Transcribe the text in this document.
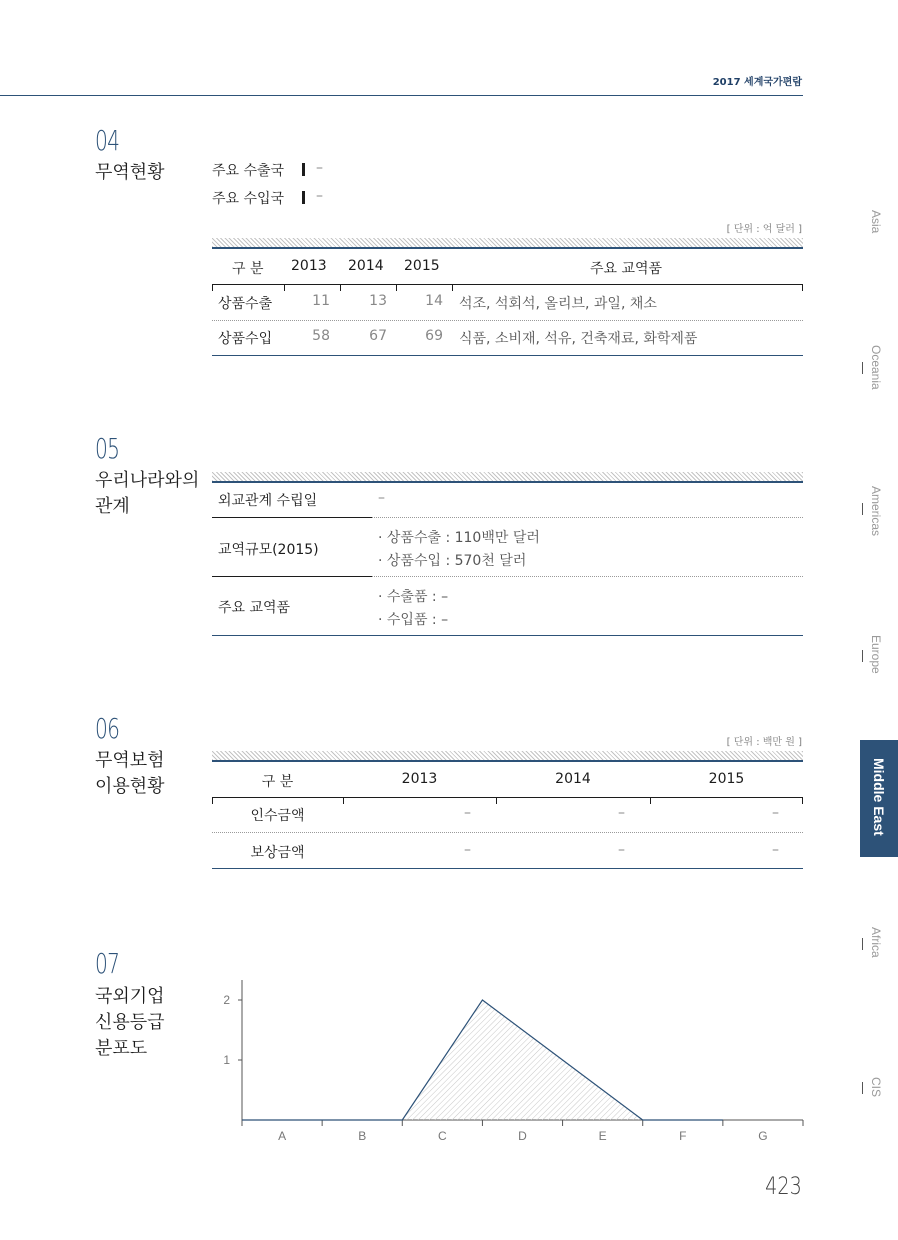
2017 세계국가편람
04
무역현황	주요 수출국 –
주요 수입국 –
[ 단위 : 억 달러 ]
구 분 2013 2014 2015	주요 교역품
상품수출	11	13	14 석조, 석회석, 올리브, 과일, 채소
상품수입	58	67	69 식품, 소비재, 석유, 건축재료, 화학제품
05
우리나라와의
관계	외교관계 수립일	–
교역규모(2015)
· 상품수출 : 110백만 달러
· 상품수입 : 570천 달러
주요 교역품
· 수출품 : –
· 수입품 : –
06
무역보험
이용현황
[ 단위 : 백만 원 ]
구 분	2013	2014	2015
인수금액	–	–	–
보상금액	–	–	–
07
국외기업
신용등급
분포도
A	B	C	D	E	F	G
1
2
Asia
Oceania
Americas
Europe
Middle East
Africa
CIS
423
